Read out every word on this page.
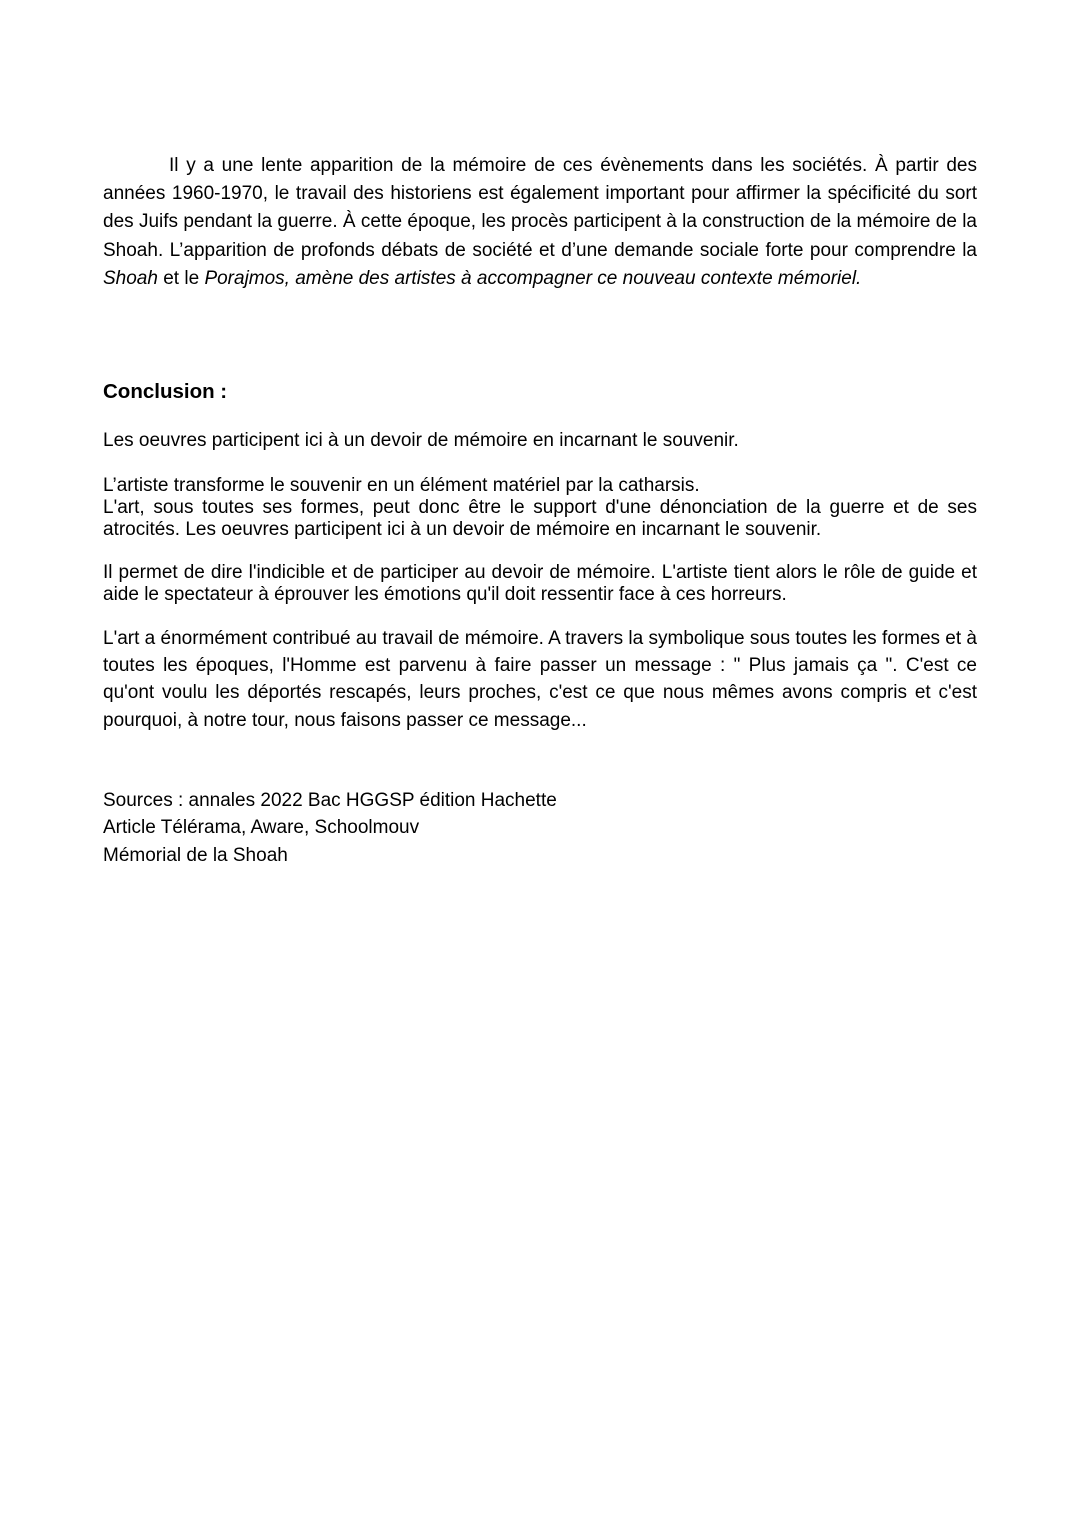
Il y a une lente apparition de la mémoire de ces évènements dans les sociétés. À partir des années 1960-1970, le travail des historiens est également important pour affirmer la spécificité du sort des Juifs pendant la guerre. À cette époque, les procès participent à la construction de la mémoire de la Shoah. L’apparition de profonds débats de société et d’une demande sociale forte pour comprendre la Shoah et le Porajmos, amène des artistes à accompagner ce nouveau contexte mémoriel.

Conclusion :

Les oeuvres participent ici à un devoir de mémoire en incarnant le souvenir.

L’artiste transforme le souvenir en un élément matériel par la catharsis.
L'art, sous toutes ses formes, peut donc être le support d'une dénonciation de la guerre et de ses atrocités. Les oeuvres participent ici à un devoir de mémoire en incarnant le souvenir.

Il permet de dire l'indicible et de participer au devoir de mémoire. L'artiste tient alors le rôle de guide et aide le spectateur à éprouver les émotions qu'il doit ressentir face à ces horreurs.

L'art a énormément contribué au travail de mémoire. A travers la symbolique sous toutes les formes et à toutes les époques, l'Homme est parvenu à faire passer un message : " Plus jamais ça ". C'est ce qu'ont voulu les déportés rescapés, leurs proches, c'est ce que nous mêmes avons compris et c'est pourquoi, à notre tour, nous faisons passer ce message...

Sources : annales 2022 Bac HGGSP édition Hachette
Article Télérama, Aware, Schoolmouv
Mémorial de la Shoah
